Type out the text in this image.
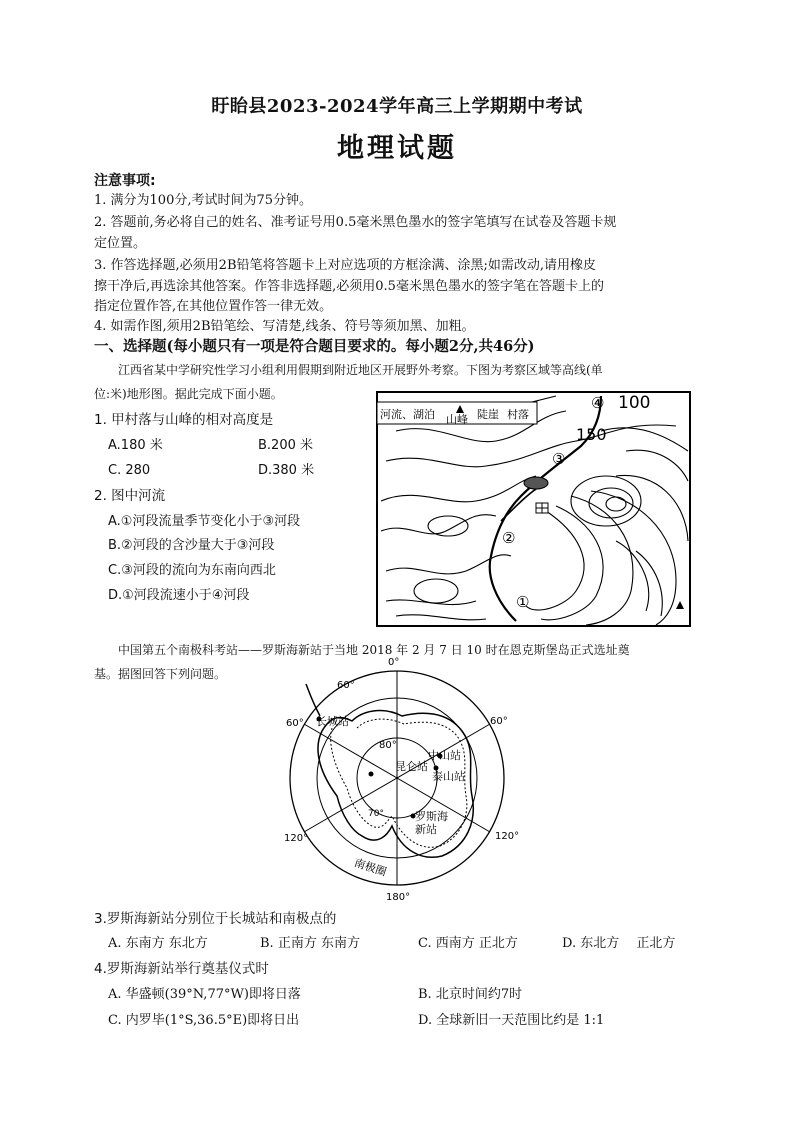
盱眙县2023-2024学年高三上学期期中考试
地理试题
注意事项:
1. 满分为100分,考试时间为75分钟。
2. 答题前,务必将自己的姓名、准考证号用0.5毫米黑色墨水的签字笔填写在试卷及答题卡规
定位置。
3. 作答选择题,必须用2B铅笔将答题卡上对应选项的方框涂满、涂黑;如需改动,请用橡皮
擦干净后,再选涂其他答案。作答非选择题,必须用0.5毫米黑色墨水的签字笔在答题卡上的
指定位置作答,在其他位置作答一律无效。
4. 如需作图,须用2B铅笔绘、写清楚,线条、符号等须加黑、加粗。
一、选择题(每小题只有一项是符合题目要求的。每小题2分,共46分)
江西省某中学研究性学习小组利用假期到附近地区开展野外考察。下图为考察区域等高线(单
位:米)地形图。据此完成下面小题。
1. 甲村落与山峰的相对高度是
A.180 米	B.200 米
C. 280	D.380 米
2. 图中河流
A.①河段流量季节变化小于③河段
B.②河段的含沙量大于③河段
C.③河段的流向为东南向西北
D.①河段流速小于④河段
河流、湖泊 山峰 陡崖 村落
100
150
④
③
②
①
中国第五个南极科考站——罗斯海新站于当地 2018 年 2 月 7 日 10 时在恩克斯堡岛正式选址奠
基。据图回答下列问题。
0°
180°
60°	60°
120°	120°
60°
80°
70°
长城站
中山站
昆仑站
泰山站
罗斯海
新站
南极圈
3.罗斯海新站分别位于长城站和南极点的
A. 东南方 东北方	B. 正南方 东南方	C. 西南方 正北方	D. 东北方　 正北方
4.罗斯海新站举行奠基仪式时
A. 华盛顿(39°N,77°W)即将日落	B. 北京时间约7时
C. 内罗毕(1°S,36.5°E)即将日出	D. 全球新旧一天范围比约是 1:1
